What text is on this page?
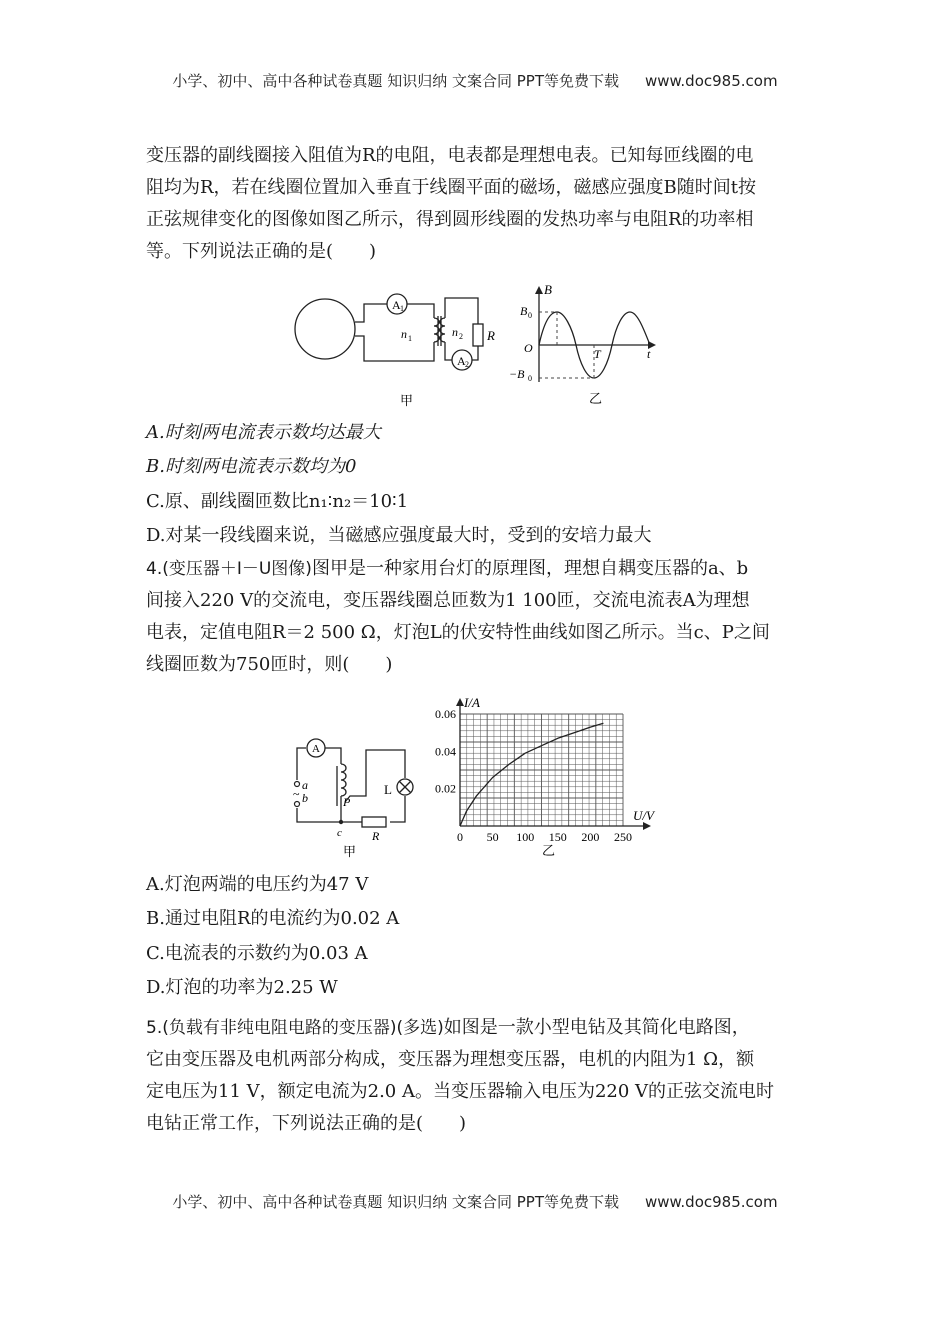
小学、初中、高中各种试卷真题 知识归纳 文案合同 PPT等免费下载 www.doc985.com

变压器的副线圈接入阻值为R的电阻，电表都是理想电表。已知每匝线圈的电
阻均为R，若在线圈位置加入垂直于线圈平面的磁场，磁感应强度B随时间t按
正弦规律变化的图像如图乙所示，得到圆形线圈的发热功率与电阻R的功率相
等。下列说法正确的是(　　)

A 1
A 2
n 1	n 2 R
甲
B
B 0
O
−B 0
T	t
乙
A.时刻两电流表示数均达最大
B.时刻两电流表示数均为0
C.原、副线圈匝数比n₁∶n₂＝10∶1
D.对某一段线圈来说，当磁感应强度最大时，受到的安培力最大

4.(变压器＋I－U图像)图甲是一种家用台灯的原理图，理想自耦变压器的a、b
间接入220 V的交流电，变压器线圈总匝数为1 100匝，交流电流表A为理想
电表，定值电阻R＝2 500 Ω，灯泡L的伏安特性曲线如图乙所示。当c、P之间
线圈匝数为750匝时，则(　　)

A
a
~ b	P
c	R
L
甲
0 50 100 150 200 250
0.02
0.04
0.06
I/A
U/V
乙
A.灯泡两端的电压约为47 V
B.通过电阻R的电流约为0.02 A
C.电流表的示数约为0.03 A
D.灯泡的功率为2.25 W

5.(负载有非纯电阻电路的变压器)(多选)如图是一款小型电钻及其简化电路图，
它由变压器及电机两部分构成，变压器为理想变压器，电机的内阻为1 Ω，额
定电压为11 V，额定电流为2.0 A。当变压器输入电压为220 V的正弦交流电时
电钻正常工作，下列说法正确的是(　　)

小学、初中、高中各种试卷真题 知识归纳 文案合同 PPT等免费下载 www.doc985.com
